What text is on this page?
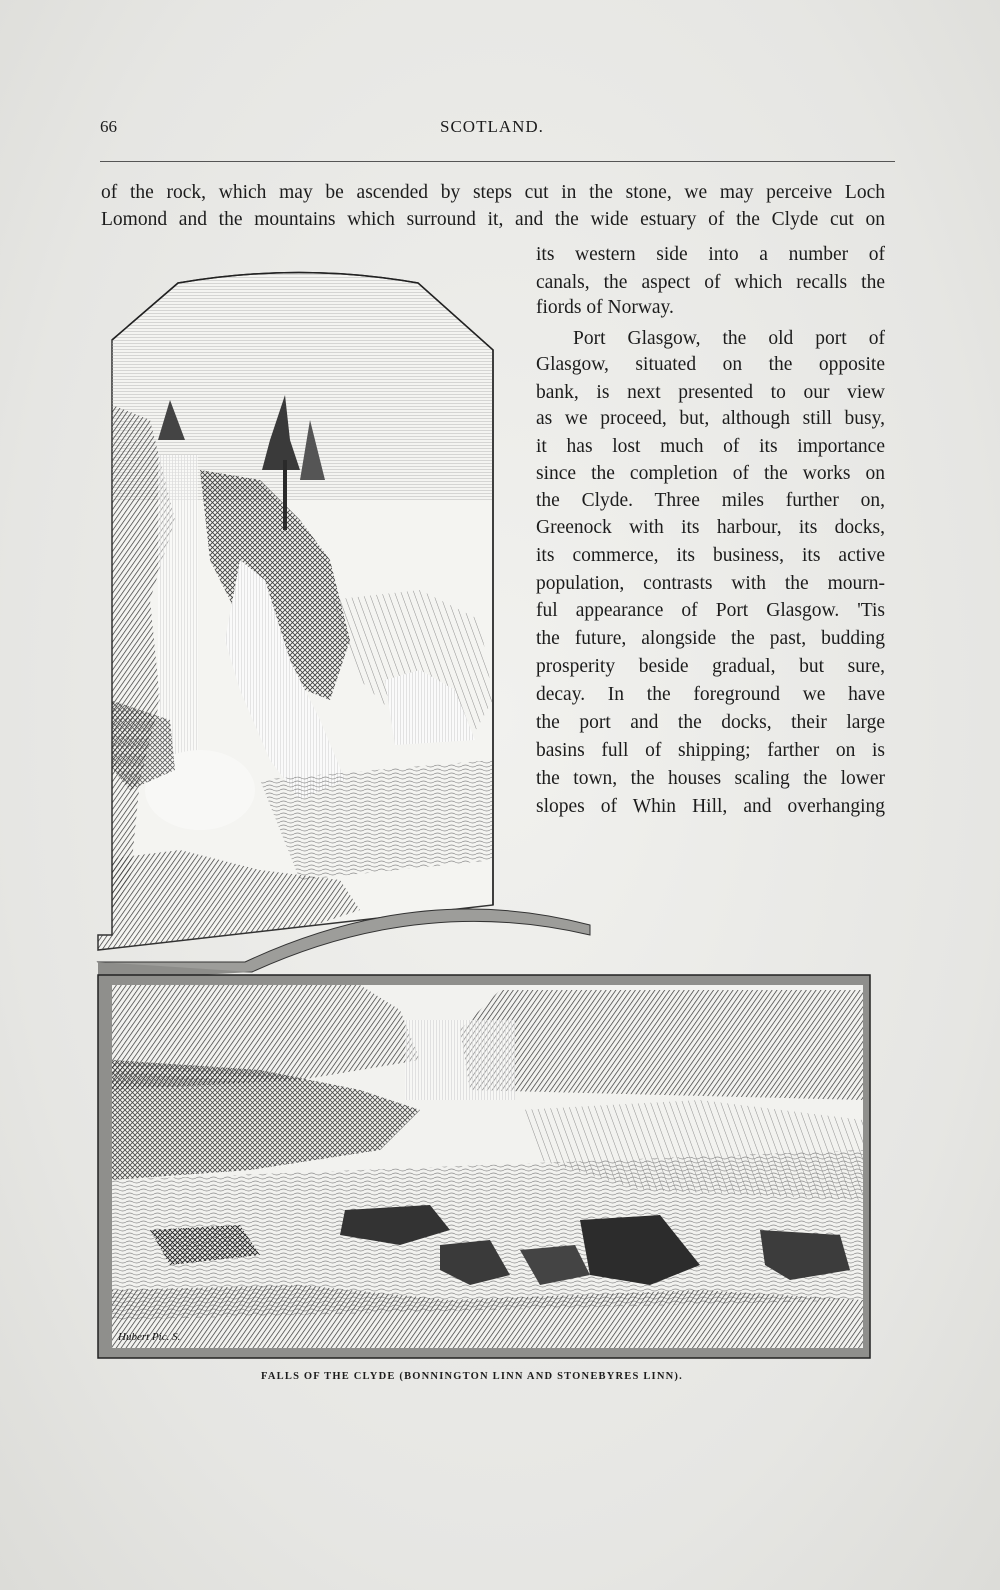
66	SCOTLAND.
of the rock, which may be ascended by steps cut in the stone, we may perceive Loch
Lomond and the mountains which surround it, and the wide estuary of the Clyde cut on
its western side into a number of
canals, the aspect of which recalls the
fiords of Norway.
Port Glasgow, the old port of
Glasgow, situated on the opposite
bank, is next presented to our view
as we proceed, but, although still busy,
it has lost much of its importance
since the completion of the works on
the Clyde. Three miles further on,
Greenock with its harbour, its docks,
its commerce, its business, its active
population, contrasts with the mourn-
ful appearance of Port Glasgow. 'Tis
the future, alongside the past, budding
prosperity beside gradual, but sure,
decay. In the foreground we have
the port and the docks, their large
basins full of shipping; farther on is
the town, the houses scaling the lower
slopes of Whin Hill, and overhanging
Hubert Pic. S.
FALLS OF THE CLYDE (BONNINGTON LINN AND STONEBYRES LINN).
